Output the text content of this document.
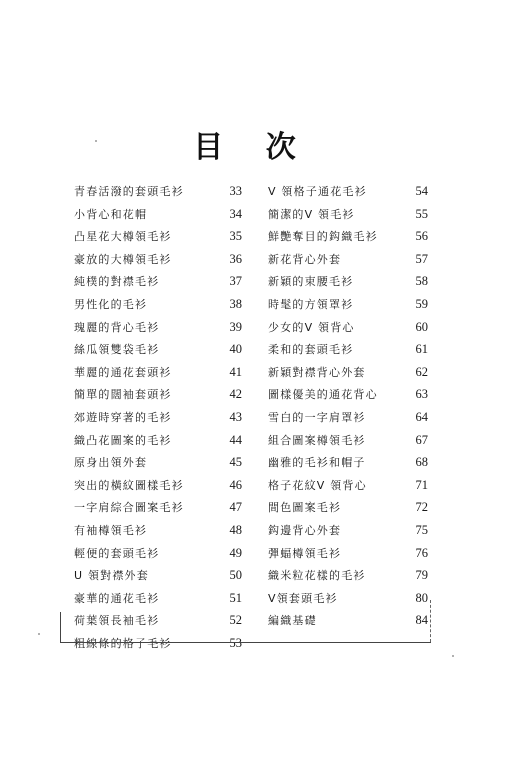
目 次
青春活潑的套頭毛衫	33
小背心和花帽	34
凸星花大樽領毛衫	35
豪放的大樽領毛衫	36
純樸的對襟毛衫	37
男性化的毛衫	38
瑰麗的背心毛衫	39
絲瓜領雙袋毛衫	40
華麗的通花套頭衫	41
簡單的闊袖套頭衫	42
郊遊時穿著的毛衫	43
織凸花圖案的毛衫	44
原身出領外套	45
突出的橫紋圖樣毛衫	46
一字肩綜合圖案毛衫	47
有袖樽領毛衫	48
輕便的套頭毛衫	49
U 領對襟外套	50
豪華的通花毛衫	51
荷葉領長袖毛衫	52
粗線條的格子毛衫	53
V 領格子通花毛衫	54
簡潔的V 領毛衫	55
鮮艷奪目的鈎織毛衫	56
新花背心外套	57
新穎的束腰毛衫	58
時髦的方領罩衫	59
少女的V 領背心	60
柔和的套頭毛衫	61
新穎對襟背心外套	62
圖樣優美的通花背心	63
雪白的一字肩罩衫	64
組合圖案樽領毛衫	67
幽雅的毛衫和帽子	68
格子花紋V 領背心	71
間色圖案毛衫	72
鈎邊背心外套	75
彈蝠樽領毛衫	76
織米粒花樣的毛衫	79
V領套頭毛衫	80
編織基礎	84
